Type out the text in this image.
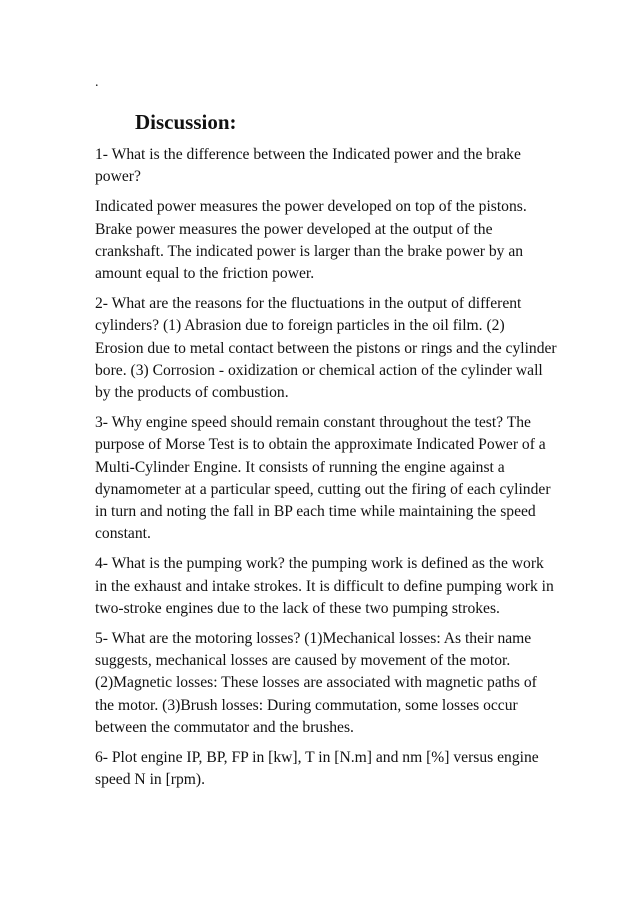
.
Discussion:
1- What is the difference between the Indicated power and the brake
power?
Indicated power measures the power developed on top of the pistons.
Brake power measures the power developed at the output of the
crankshaft. The indicated power is larger than the brake power by an
amount equal to the friction power.
2- What are the reasons for the fluctuations in the output of different
cylinders? (1) Abrasion due to foreign particles in the oil film. (2)
Erosion due to metal contact between the pistons or rings and the cylinder
bore. (3) Corrosion - oxidization or chemical action of the cylinder wall
by the products of combustion.
3- Why engine speed should remain constant throughout the test? The
purpose of Morse Test is to obtain the approximate Indicated Power of a
Multi-Cylinder Engine. It consists of running the engine against a
dynamometer at a particular speed, cutting out the firing of each cylinder
in turn and noting the fall in BP each time while maintaining the speed
constant.
4- What is the pumping work? the pumping work is defined as the work
in the exhaust and intake strokes. It is difficult to define pumping work in
two-stroke engines due to the lack of these two pumping strokes.
5- What are the motoring losses? (1)Mechanical losses: As their name
suggests, mechanical losses are caused by movement of the motor.
(2)Magnetic losses: These losses are associated with magnetic paths of
the motor. (3)Brush losses: During commutation, some losses occur
between the commutator and the brushes.
6- Plot engine IP, BP, FP in [kw], T in [N.m] and nm [%] versus engine
speed N in [rpm).
